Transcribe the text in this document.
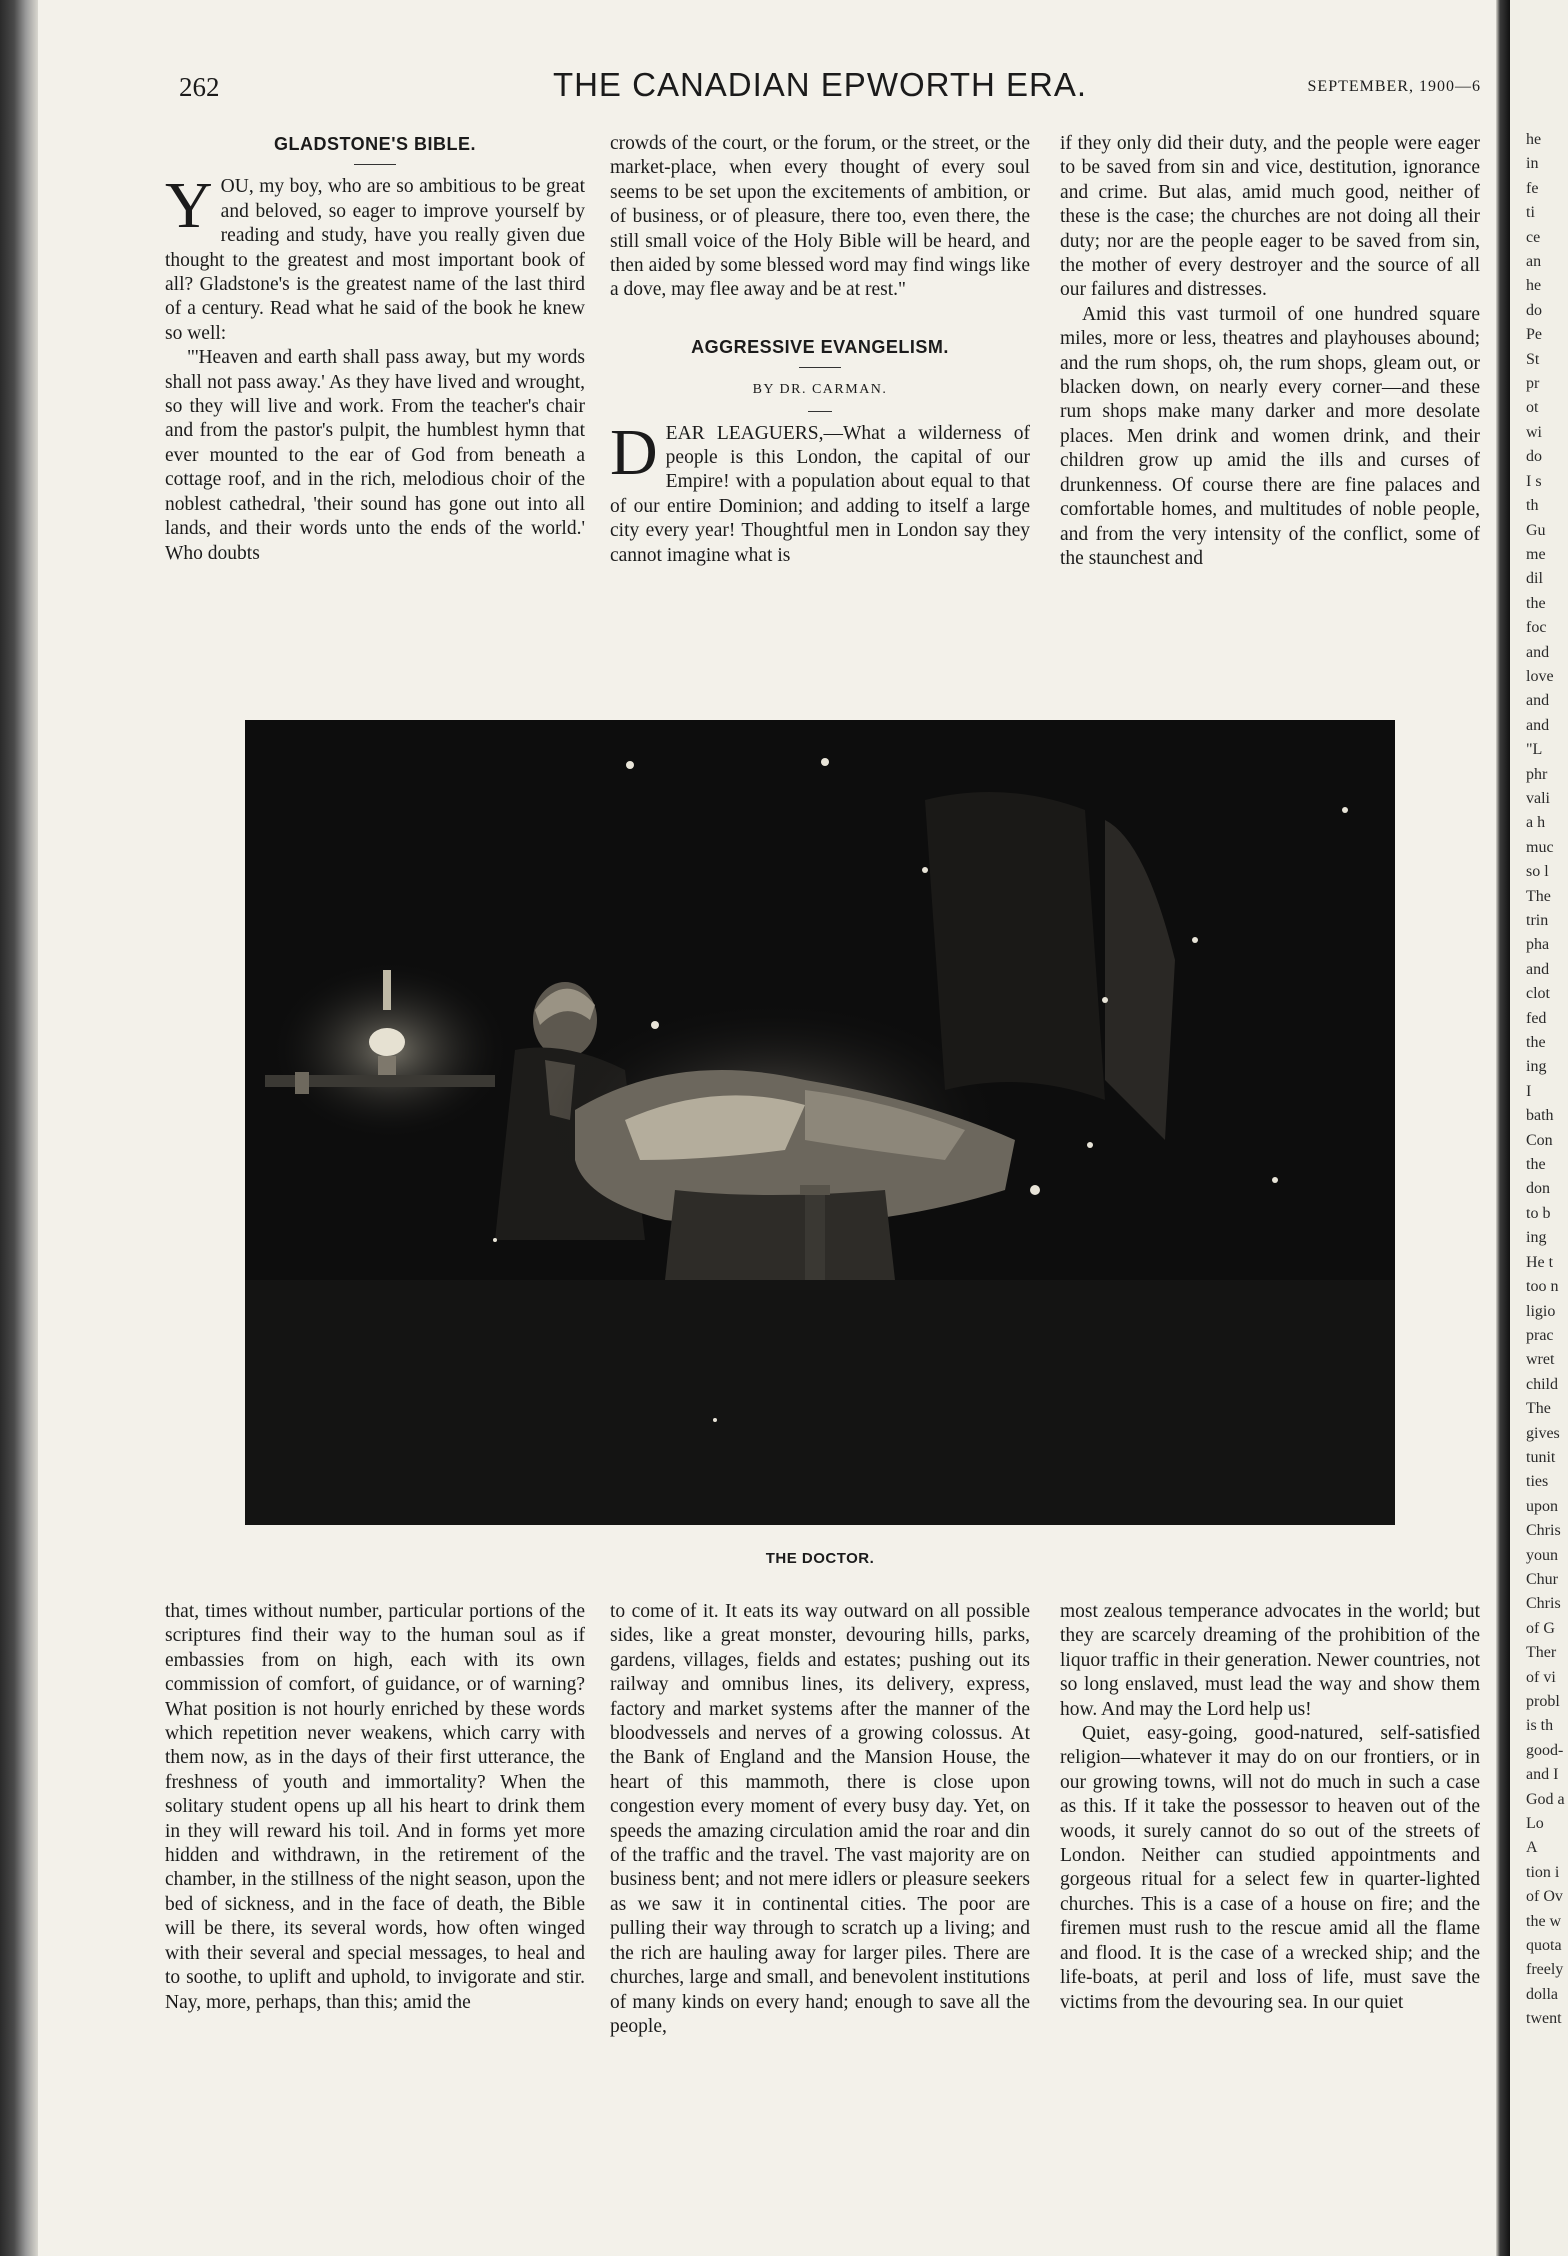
262	THE CANADIAN EPWORTH ERA.	SEPTEMBER, 1900—6
GLADSTONE'S BIBLE.

YOU, my boy, who are so ambitious to be great and beloved, so eager to improve yourself by reading and study, have you really given due thought to the greatest and most important book of all? Gladstone's is the greatest name of the last third of a century. Read what he said of the book he knew so well:

"'Heaven and earth shall pass away, but my words shall not pass away.' As they have lived and wrought, so they will live and work. From the teacher's chair and from the pastor's pulpit, the humblest hymn that ever mounted to the ear of God from beneath a cottage roof, and in the rich, melodious choir of the noblest cathedral, 'their sound has gone out into all lands, and their words unto the ends of the world.' Who doubts

crowds of the court, or the forum, or the street, or the market-place, when every thought of every soul seems to be set upon the excitements of ambition, or of business, or of pleasure, there too, even there, the still small voice of the Holy Bible will be heard, and then aided by some blessed word may find wings like a dove, may flee away and be at rest."

AGGRESSIVE EVANGELISM.

BY DR. CARMAN.

DEAR LEAGUERS,—What a wilderness of people is this London, the capital of our Empire! with a population about equal to that of our entire Dominion; and adding to itself a large city every year! Thoughtful men in London say they cannot imagine what is

if they only did their duty, and the people were eager to be saved from sin and vice, destitution, ignorance and crime. But alas, amid much good, neither of these is the case; the churches are not doing all their duty; nor are the people eager to be saved from sin, the mother of every destroyer and the source of all our failures and distresses.

Amid this vast turmoil of one hundred square miles, more or less, theatres and playhouses abound; and the rum shops, oh, the rum shops, gleam out, or blacken down, on nearly every corner—and these rum shops make many darker and more desolate places. Men drink and women drink, and their children grow up amid the ills and curses of drunkenness. Of course there are fine palaces and comfortable homes, and multitudes of noble people, and from the very intensity of the conflict, some of the staunchest and

THE DOCTOR.

that, times without number, particular portions of the scriptures find their way to the human soul as if embassies from on high, each with its own commission of comfort, of guidance, or of warning? What position is not hourly enriched by these words which repetition never weakens, which carry with them now, as in the days of their first utterance, the freshness of youth and immortality? When the solitary student opens up all his heart to drink them in they will reward his toil. And in forms yet more hidden and withdrawn, in the retirement of the chamber, in the stillness of the night season, upon the bed of sickness, and in the face of death, the Bible will be there, its several words, how often winged with their several and special messages, to heal and to soothe, to uplift and uphold, to invigorate and stir. Nay, more, perhaps, than this; amid the

to come of it. It eats its way outward on all possible sides, like a great monster, devouring hills, parks, gardens, villages, fields and estates; pushing out its railway and omnibus lines, its delivery, express, factory and market systems after the manner of the bloodvessels and nerves of a growing colossus. At the Bank of England and the Mansion House, the heart of this mammoth, there is close upon congestion every moment of every busy day. Yet, on speeds the amazing circulation amid the roar and din of the traffic and the travel. The vast majority are on business bent; and not mere idlers or pleasure seekers as we saw it in continental cities. The poor are pulling their way through to scratch up a living; and the rich are hauling away for larger piles. There are churches, large and small, and benevolent institutions of many kinds on every hand; enough to save all the people,

most zealous temperance advocates in the world; but they are scarcely dreaming of the prohibition of the liquor traffic in their generation. Newer countries, not so long enslaved, must lead the way and show them how. And may the Lord help us!

Quiet, easy-going, good-natured, self-satisfied religion—whatever it may do on our frontiers, or in our growing towns, will not do much in such a case as this. If it take the possessor to heaven out of the woods, it surely cannot do so out of the streets of London. Neither can studied appointments and gorgeous ritual for a select few in quarter-lighted churches. This is a case of a house on fire; and the firemen must rush to the rescue amid all the flame and flood. It is the case of a wrecked ship; and the life-boats, at peril and loss of life, must save the victims from the devouring sea. In our quiet

he
in
fe
ti
ce
an
he
do
Pe
St
pr
ot
wi
do
I s
th
Gu
me
dil
the
foc
and
love
and
and
"L
phr
vali
a h
muc
so l
The
trin
pha
and
clot
fed
the
ing
I
bath
Con
the
don
to b
ing
He t
too n
ligio
prac
wret
child
The
gives
tunit
ties
upon
Chris
youn
Chur
Chris
of G
Ther
of vi
probl
is th
good-
and I
God a
Lo
A
tion i
of Ov
the w
quota
freely
dolla
twent
